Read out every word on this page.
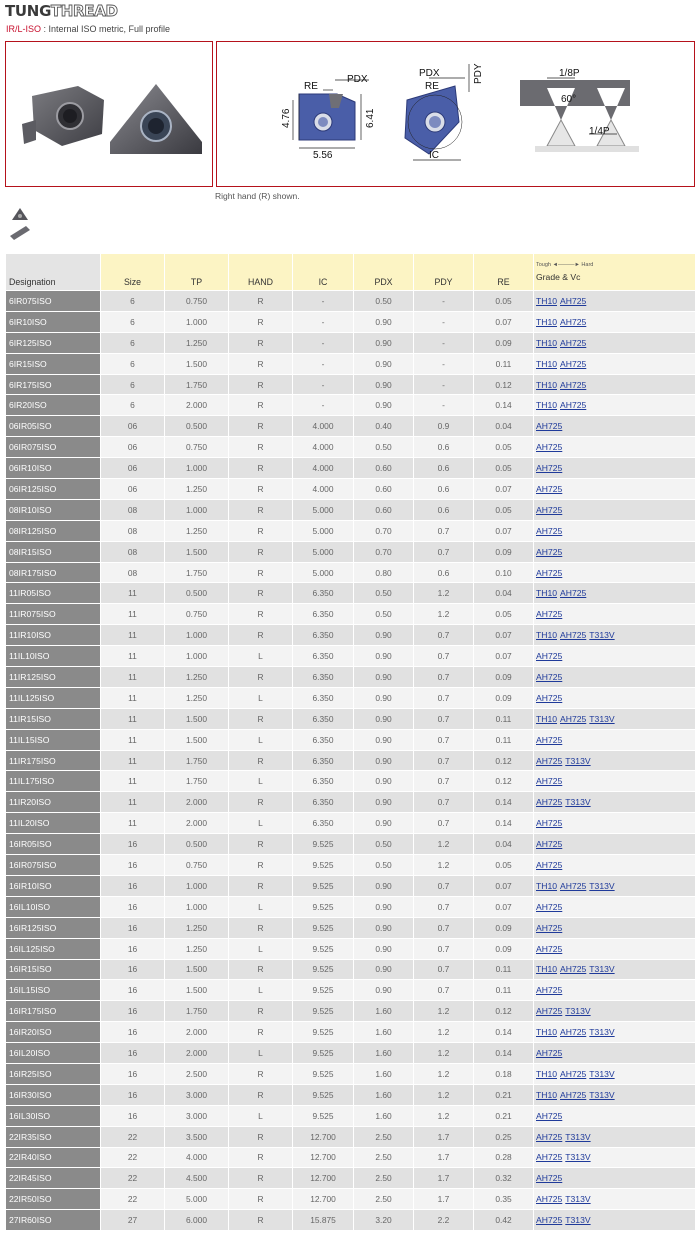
TUNGTHREAD
IR/L-ISO : Internal ISO metric, Full profile
RE
PDX
4.76	6.41
5.56
PDX	PDY
RE
IC
1/8P
60°
1/4P
Right hand (R) shown.
Designation	Size	TP	HAND	IC	PDX	PDY	RE	Tough ◄———► Hard
Grade & Vc

6IR075ISO	6	0.750	R	-	0.50	-	0.05	TH10 AH725
6IR10ISO	6	1.000	R	-	0.90	-	0.07	TH10 AH725
6IR125ISO	6	1.250	R	-	0.90	-	0.09	TH10 AH725
6IR15ISO	6	1.500	R	-	0.90	-	0.11	TH10 AH725
6IR175ISO	6	1.750	R	-	0.90	-	0.12	TH10 AH725
6IR20ISO	6	2.000	R	-	0.90	-	0.14	TH10 AH725
06IR05ISO	06	0.500	R	4.000	0.40	0.9	0.04	AH725
06IR075ISO	06	0.750	R	4.000	0.50	0.6	0.05	AH725
06IR10ISO	06	1.000	R	4.000	0.60	0.6	0.05	AH725
06IR125ISO	06	1.250	R	4.000	0.60	0.6	0.07	AH725
08IR10ISO	08	1.000	R	5.000	0.60	0.6	0.05	AH725
08IR125ISO	08	1.250	R	5.000	0.70	0.7	0.07	AH725
08IR15ISO	08	1.500	R	5.000	0.70	0.7	0.09	AH725
08IR175ISO	08	1.750	R	5.000	0.80	0.6	0.10	AH725
11IR05ISO	11	0.500	R	6.350	0.50	1.2	0.04	TH10 AH725
11IR075ISO	11	0.750	R	6.350	0.50	1.2	0.05	AH725
11IR10ISO	11	1.000	R	6.350	0.90	0.7	0.07	TH10 AH725 T313V
11IL10ISO	11	1.000	L	6.350	0.90	0.7	0.07	AH725
11IR125ISO	11	1.250	R	6.350	0.90	0.7	0.09	AH725
11IL125ISO	11	1.250	L	6.350	0.90	0.7	0.09	AH725
11IR15ISO	11	1.500	R	6.350	0.90	0.7	0.11	TH10 AH725 T313V
11IL15ISO	11	1.500	L	6.350	0.90	0.7	0.11	AH725
11IR175ISO	11	1.750	R	6.350	0.90	0.7	0.12	AH725 T313V
11IL175ISO	11	1.750	L	6.350	0.90	0.7	0.12	AH725
11IR20ISO	11	2.000	R	6.350	0.90	0.7	0.14	AH725 T313V
11IL20ISO	11	2.000	L	6.350	0.90	0.7	0.14	AH725
16IR05ISO	16	0.500	R	9.525	0.50	1.2	0.04	AH725
16IR075ISO	16	0.750	R	9.525	0.50	1.2	0.05	AH725
16IR10ISO	16	1.000	R	9.525	0.90	0.7	0.07	TH10 AH725 T313V
16IL10ISO	16	1.000	L	9.525	0.90	0.7	0.07	AH725
16IR125ISO	16	1.250	R	9.525	0.90	0.7	0.09	AH725
16IL125ISO	16	1.250	L	9.525	0.90	0.7	0.09	AH725
16IR15ISO	16	1.500	R	9.525	0.90	0.7	0.11	TH10 AH725 T313V
16IL15ISO	16	1.500	L	9.525	0.90	0.7	0.11	AH725
16IR175ISO	16	1.750	R	9.525	1.60	1.2	0.12	AH725 T313V
16IR20ISO	16	2.000	R	9.525	1.60	1.2	0.14	TH10 AH725 T313V
16IL20ISO	16	2.000	L	9.525	1.60	1.2	0.14	AH725
16IR25ISO	16	2.500	R	9.525	1.60	1.2	0.18	TH10 AH725 T313V
16IR30ISO	16	3.000	R	9.525	1.60	1.2	0.21	TH10 AH725 T313V
16IL30ISO	16	3.000	L	9.525	1.60	1.2	0.21	AH725
22IR35ISO	22	3.500	R	12.700	2.50	1.7	0.25	AH725 T313V
22IR40ISO	22	4.000	R	12.700	2.50	1.7	0.28	AH725 T313V
22IR45ISO	22	4.500	R	12.700	2.50	1.7	0.32	AH725
22IR50ISO	22	5.000	R	12.700	2.50	1.7	0.35	AH725 T313V
27IR60ISO	27	6.000	R	15.875	3.20	2.2	0.42	AH725 T313V
